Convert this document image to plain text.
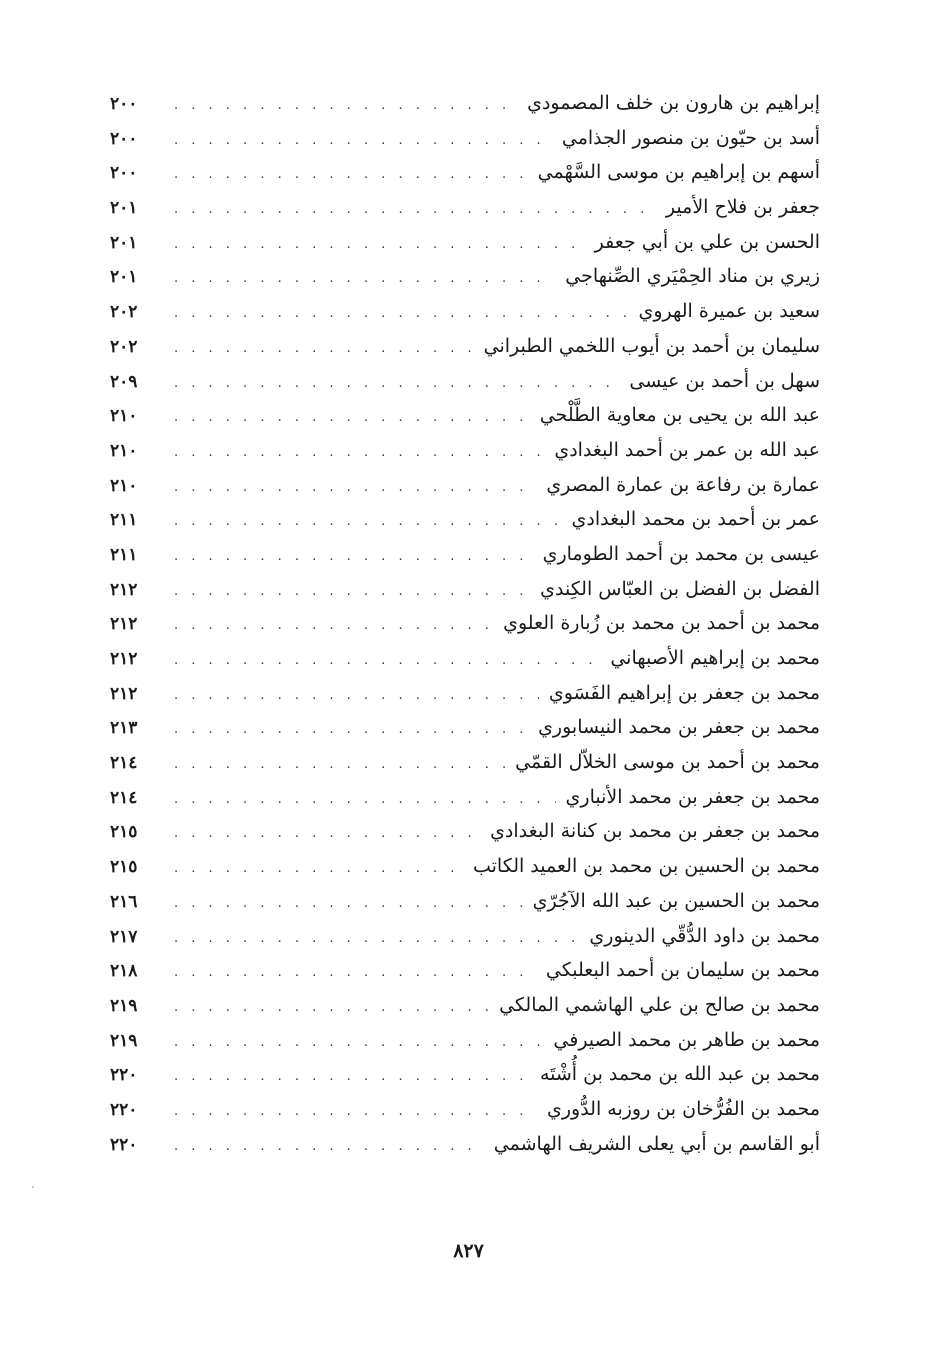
إبراهيم بن هارون بن خلف المصمودي
. . .
٢٠٠
أسد بن حيّون بن منصور الجذامي
. . .
٢٠٠
أسهم بن إبراهيم بن موسى السَّهْمي
. . .
٢٠٠
جعفر بن فلاح الأمير
. . .
٢٠١
الحسن بن علي بن أبي جعفر
. . .
٢٠١
زيري بن مناد الحِمْيَري الصِّنهاجي
. . .
٢٠١
سعيد بن عميرة الهروي
. . .
٢٠٢
سليمان بن أحمد بن أيوب اللخمي الطبراني
. . .
٢٠٢
سهل بن أحمد بن عيسى
. . .
٢٠٩
عبد الله بن يحيى بن معاوية الطَّلْحي
. . .
٢١٠
عبد الله بن عمر بن أحمد البغدادي
. . .
٢١٠
عمارة بن رفاعة بن عمارة المصري
. . .
٢١٠
عمر بن أحمد بن محمد البغدادي
. . .
٢١١
عيسى بن محمد بن أحمد الطوماري
. . .
٢١١
الفضل بن الفضل بن العبّاس الكِندي
. . .
٢١٢
محمد بن أحمد بن محمد بن زُبارة العلوي
. . .
٢١٢
محمد بن إبراهيم الأصبهاني
. . .
٢١٢
محمد بن جعفر بن إبراهيم الفَسَوي
. . .
٢١٢
محمد بن جعفر بن محمد النيسابوري
. . .
٢١٣
محمد بن أحمد بن موسى الخلاّل القمّي
. . .
٢١٤
محمد بن جعفر بن محمد الأنباري
. . .
٢١٤
محمد بن جعفر بن محمد بن كنانة البغدادي
. . .
٢١٥
محمد بن الحسين بن محمد بن العميد الكاتب
. . .
٢١٥
محمد بن الحسين بن عبد الله الآجُرّي
. . .
٢١٦
محمد بن داود الدُّقّي الدينوري
. . .
٢١٧
محمد بن سليمان بن أحمد البعلبكي
. . .
٢١٨
محمد بن صالح بن علي الهاشمي المالكي
. . .
٢١٩
محمد بن طاهر بن محمد الصيرفي
. . .
٢١٩
محمد بن عبد الله بن محمد بن أُشْتَه
. . .
٢٢٠
محمد بن الفُرُّخان بن روزبه الدُّوري
. . .
٢٢٠
أبو القاسم بن أبي يعلى الشريف الهاشمي
. . .
٢٢٠
٨٢٧
